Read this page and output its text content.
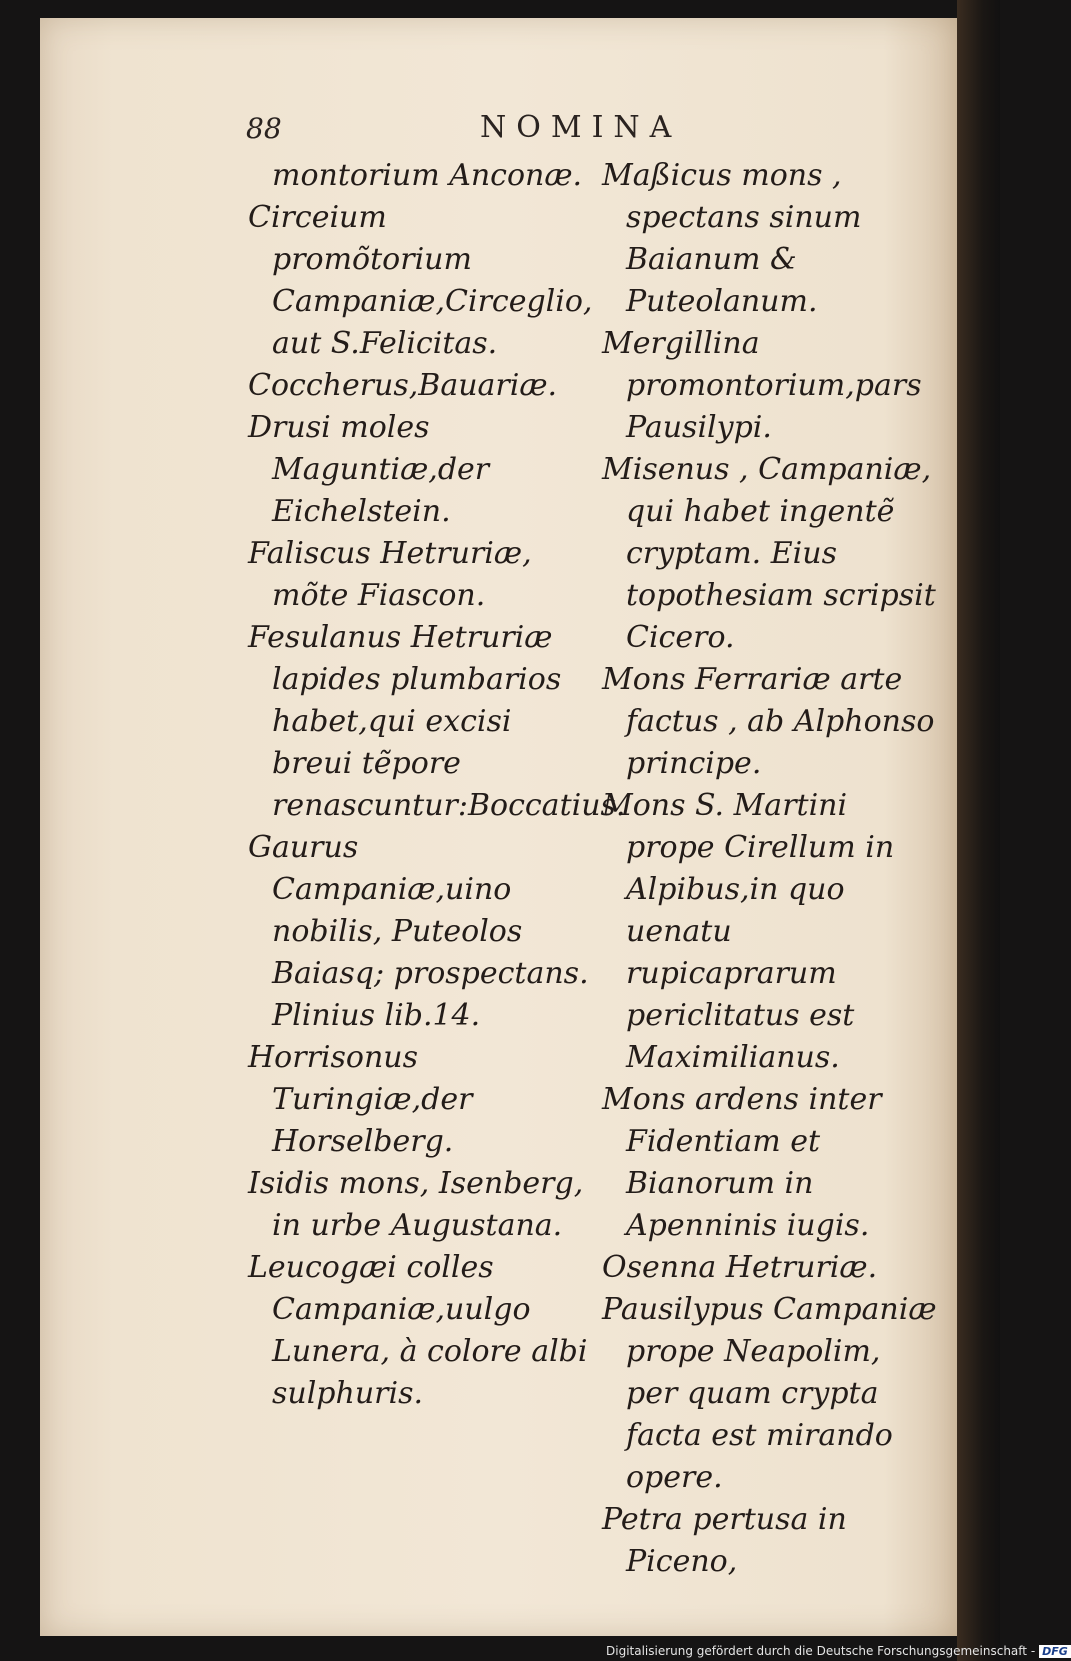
88	NOMINA

montorium Anconæ.

Circeium promõtorium Campaniæ,Circeglio, aut S.Felicitas.

Coccherus,Bauariæ.

Drusi moles Maguntiæ,der Eichelstein.

Faliscus Hetruriæ, mõte Fiascon.

Fesulanus Hetruriæ lapides plumbarios habet,qui excisi breui tẽpore renascuntur:Boccatius.

Gaurus Campaniæ,uino nobilis, Puteolos Baiasq; prospectans. Plinius lib.14.

Horrisonus Turingiæ,der Horselberg.

Isidis mons, Isenberg, in urbe Augustana.

Leucogæi colles Campaniæ,uulgo Lunera, à colore albi sulphuris.

Maßicus mons , spectans sinum Baianum & Puteolanum.

Mergillina promontorium,pars Pausilypi.

Misenus , Campaniæ, qui habet ingentẽ cryptam. Eius topothesiam scripsit Cicero.

Mons Ferrariæ arte factus , ab Alphonso principe.

Mons S. Martini prope Cirellum in Alpibus,in quo uenatu rupicaprarum periclitatus est Maximilianus.

Mons ardens inter Fidentiam et Bianorum in Apenninis iugis.

Osenna Hetruriæ.

Pausilypus Campaniæ prope Neapolim, per quam crypta facta est mirando opere.

Petra pertusa in Piceno,

Digitalisierung gefördert durch die Deutsche Forschungsgemeinschaft - DFG
